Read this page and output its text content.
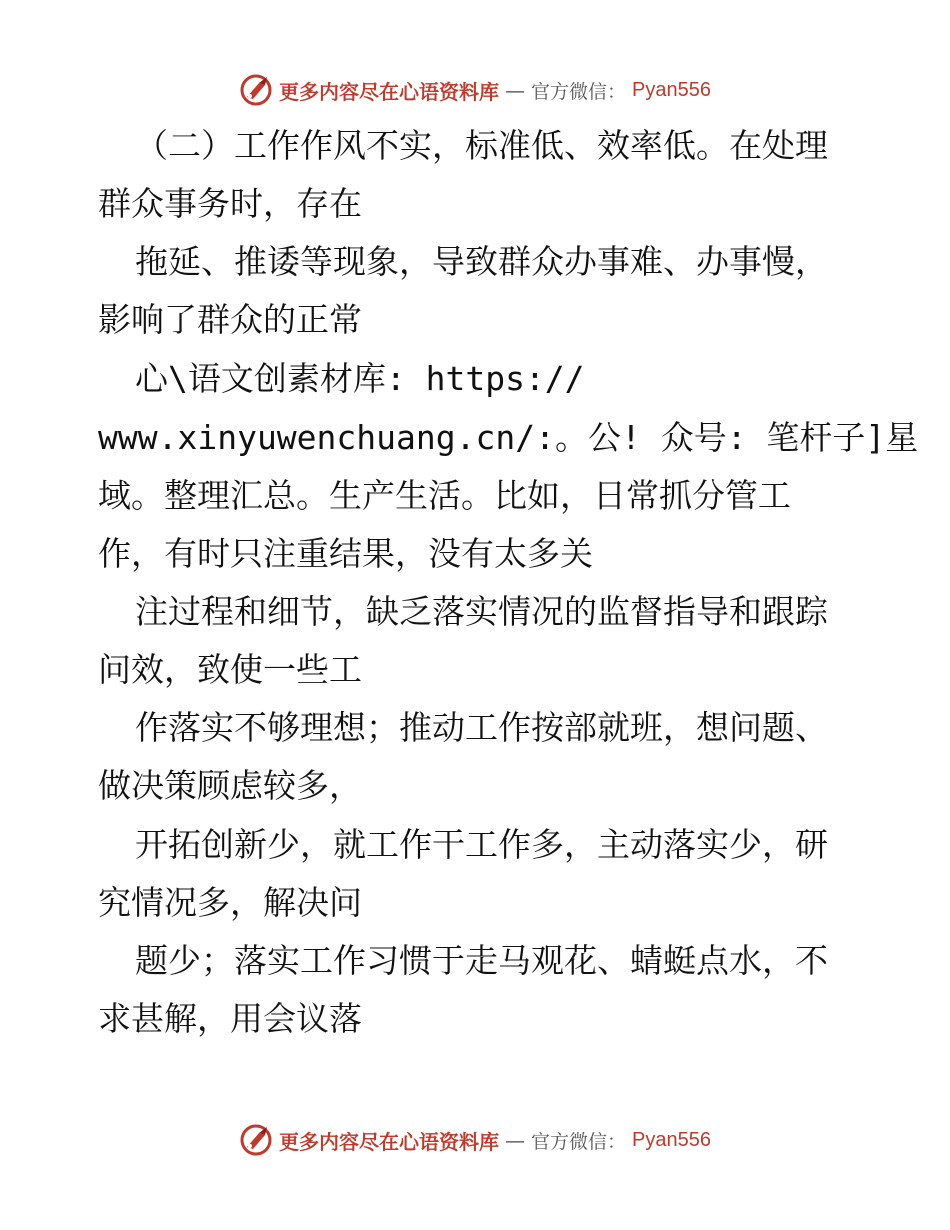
更多内容尽在心语资料库 — 官方微信： Pyan556
（二）工作作风不实，标准低、效率低。在处理
群众事务时，存在
拖延、推诿等现象，导致群众办事难、办事慢，
影响了群众的正常
心\语文创素材库: https://
www.xinyuwenchuang.cn/:。公! 众号: 笔杆子]星
域。整理汇总。生产生活。比如，日常抓分管工
作，有时只注重结果，没有太多关
注过程和细节，缺乏落实情况的监督指导和跟踪
问效，致使一些工
作落实不够理想；推动工作按部就班，想问题、
做决策顾虑较多，
开拓创新少，就工作干工作多，主动落实少，研
究情况多，解决问
题少；落实工作习惯于走马观花、蜻蜓点水，不
求甚解，用会议落
更多内容尽在心语资料库 — 官方微信： Pyan556
